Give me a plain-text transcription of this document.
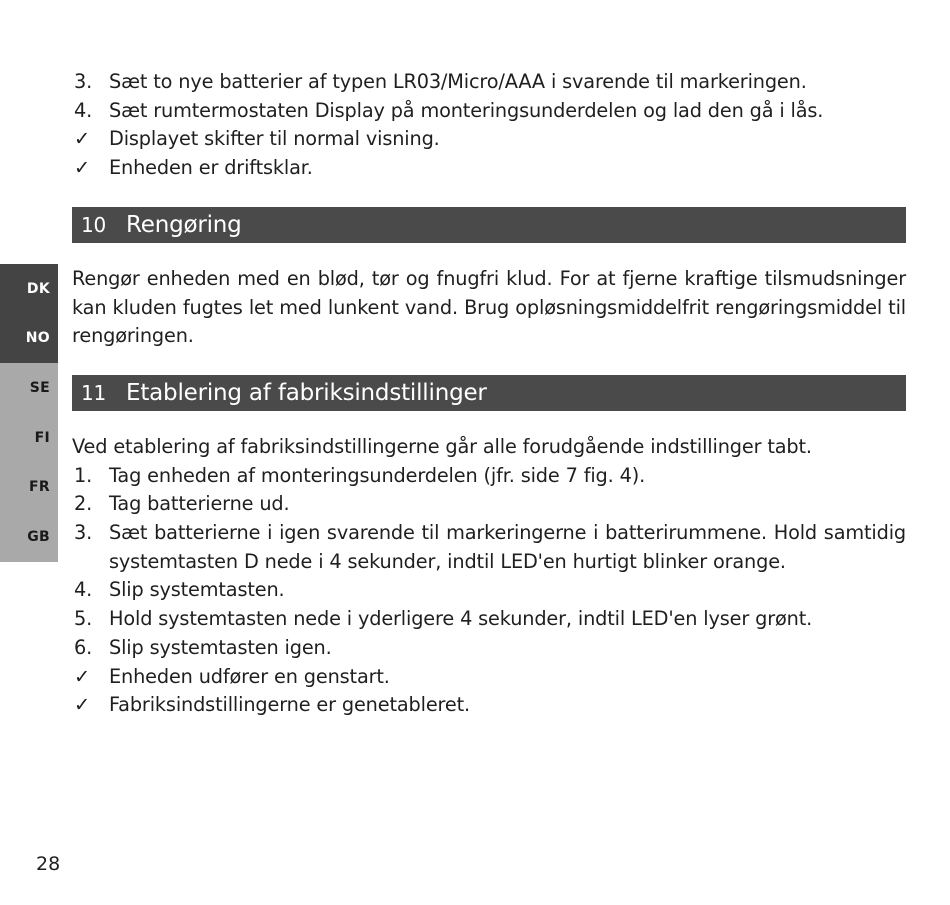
DK
NO
SE
FI
FR
GB

3. Sæt to nye batterier af typen LR03/Micro/AAA i svarende til markeringen.

4. Sæt rumtermostaten Display på monteringsunderdelen og lad den gå i lås.

✓ Displayet skifter til normal visning.

✓ Enheden er driftsklar.

10 Rengøring

Rengør enheden med en blød, tør og fnugfri klud. For at fjerne kraftige tilsmudsninger kan kluden fugtes let med lunkent vand. Brug opløsningsmiddelfrit rengøringsmiddel til rengøringen.

11 Etablering af fabriksindstillinger

Ved etablering af fabriksindstillingerne går alle forudgående indstillinger tabt.

1. Tag enheden af monteringsunderdelen (jfr. side 7 fig. 4).

2. Tag batterierne ud.

3. Sæt batterierne i igen svarende til markeringerne i batterirummene. Hold samtidig systemtasten D nede i 4 sekunder, indtil LED'en hurtigt blinker orange.

4. Slip systemtasten.

5. Hold systemtasten nede i yderligere 4 sekunder, indtil LED'en lyser grønt.

6. Slip systemtasten igen.

✓ Enheden udfører en genstart.

✓ Fabriksindstillingerne er genetableret.

28
